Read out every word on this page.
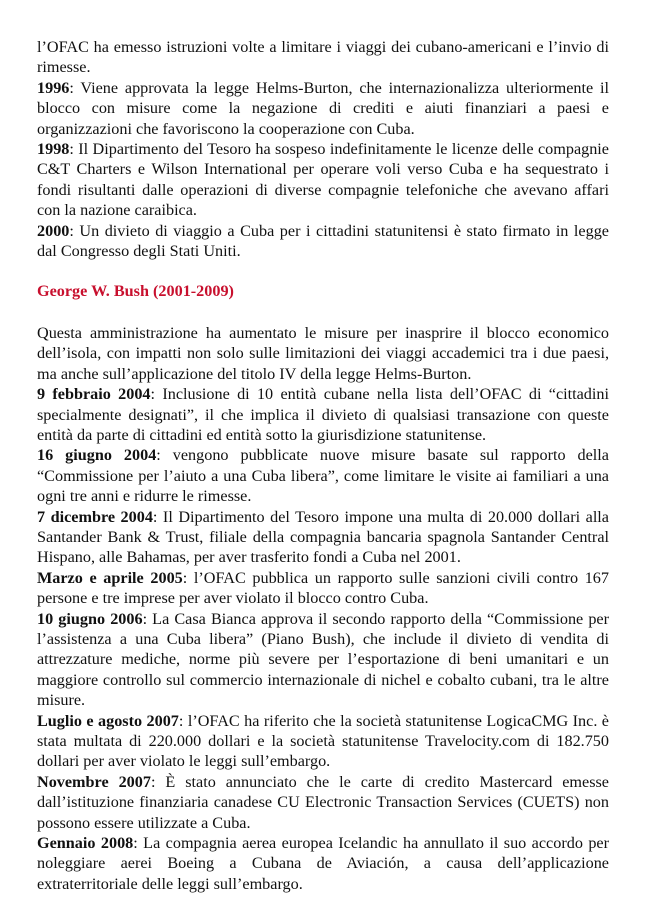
l’OFAC ha emesso istruzioni volte a limitare i viaggi dei cubano-americani e l’invio di rimesse.

1996: Viene approvata la legge Helms-Burton, che internazionalizza ulteriormente il blocco con misure come la negazione di crediti e aiuti finanziari a paesi e organizzazioni che favoriscono la cooperazione con Cuba.

1998: Il Dipartimento del Tesoro ha sospeso indefinitamente le licenze delle compagnie C&T Charters e Wilson International per operare voli verso Cuba e ha sequestrato i fondi risultanti dalle operazioni di diverse compagnie telefoniche che avevano affari con la nazione caraibica.

2000: Un divieto di viaggio a Cuba per i cittadini statunitensi è stato firmato in legge dal Congresso degli Stati Uniti.

George W. Bush (2001-2009)

Questa amministrazione ha aumentato le misure per inasprire il blocco economico dell’isola, con impatti non solo sulle limitazioni dei viaggi accademici tra i due paesi, ma anche sull’applicazione del titolo IV della legge Helms-Burton.

9 febbraio 2004: Inclusione di 10 entità cubane nella lista dell’OFAC di “cittadini specialmente designati”, il che implica il divieto di qualsiasi transazione con queste entità da parte di cittadini ed entità sotto la giurisdizione statunitense.

16 giugno 2004: vengono pubblicate nuove misure basate sul rapporto della “Commissione per l’aiuto a una Cuba libera”, come limitare le visite ai familiari a una ogni tre anni e ridurre le rimesse.

7 dicembre 2004: Il Dipartimento del Tesoro impone una multa di 20.000 dollari alla Santander Bank & Trust, filiale della compagnia bancaria spagnola Santander Central Hispano, alle Bahamas, per aver trasferito fondi a Cuba nel 2001.

Marzo e aprile 2005: l’OFAC pubblica un rapporto sulle sanzioni civili contro 167 persone e tre imprese per aver violato il blocco contro Cuba.

10 giugno 2006: La Casa Bianca approva il secondo rapporto della “Commissione per l’assistenza a una Cuba libera” (Piano Bush), che include il divieto di vendita di attrezzature mediche, norme più severe per l’esportazione di beni umanitari e un maggiore controllo sul commercio internazionale di nichel e cobalto cubani, tra le altre misure.

Luglio e agosto 2007: l’OFAC ha riferito che la società statunitense LogicaCMG Inc. è stata multata di 220.000 dollari e la società statunitense Travelocity.com di 182.750 dollari per aver violato le leggi sull’embargo.

Novembre 2007: È stato annunciato che le carte di credito Mastercard emesse dall’istituzione finanziaria canadese CU Electronic Transaction Services (CUETS) non possono essere utilizzate a Cuba.

Gennaio 2008: La compagnia aerea europea Icelandic ha annullato il suo accordo per noleggiare aerei Boeing a Cubana de Aviación, a causa dell’applicazione extraterritoriale delle leggi sull’embargo.
